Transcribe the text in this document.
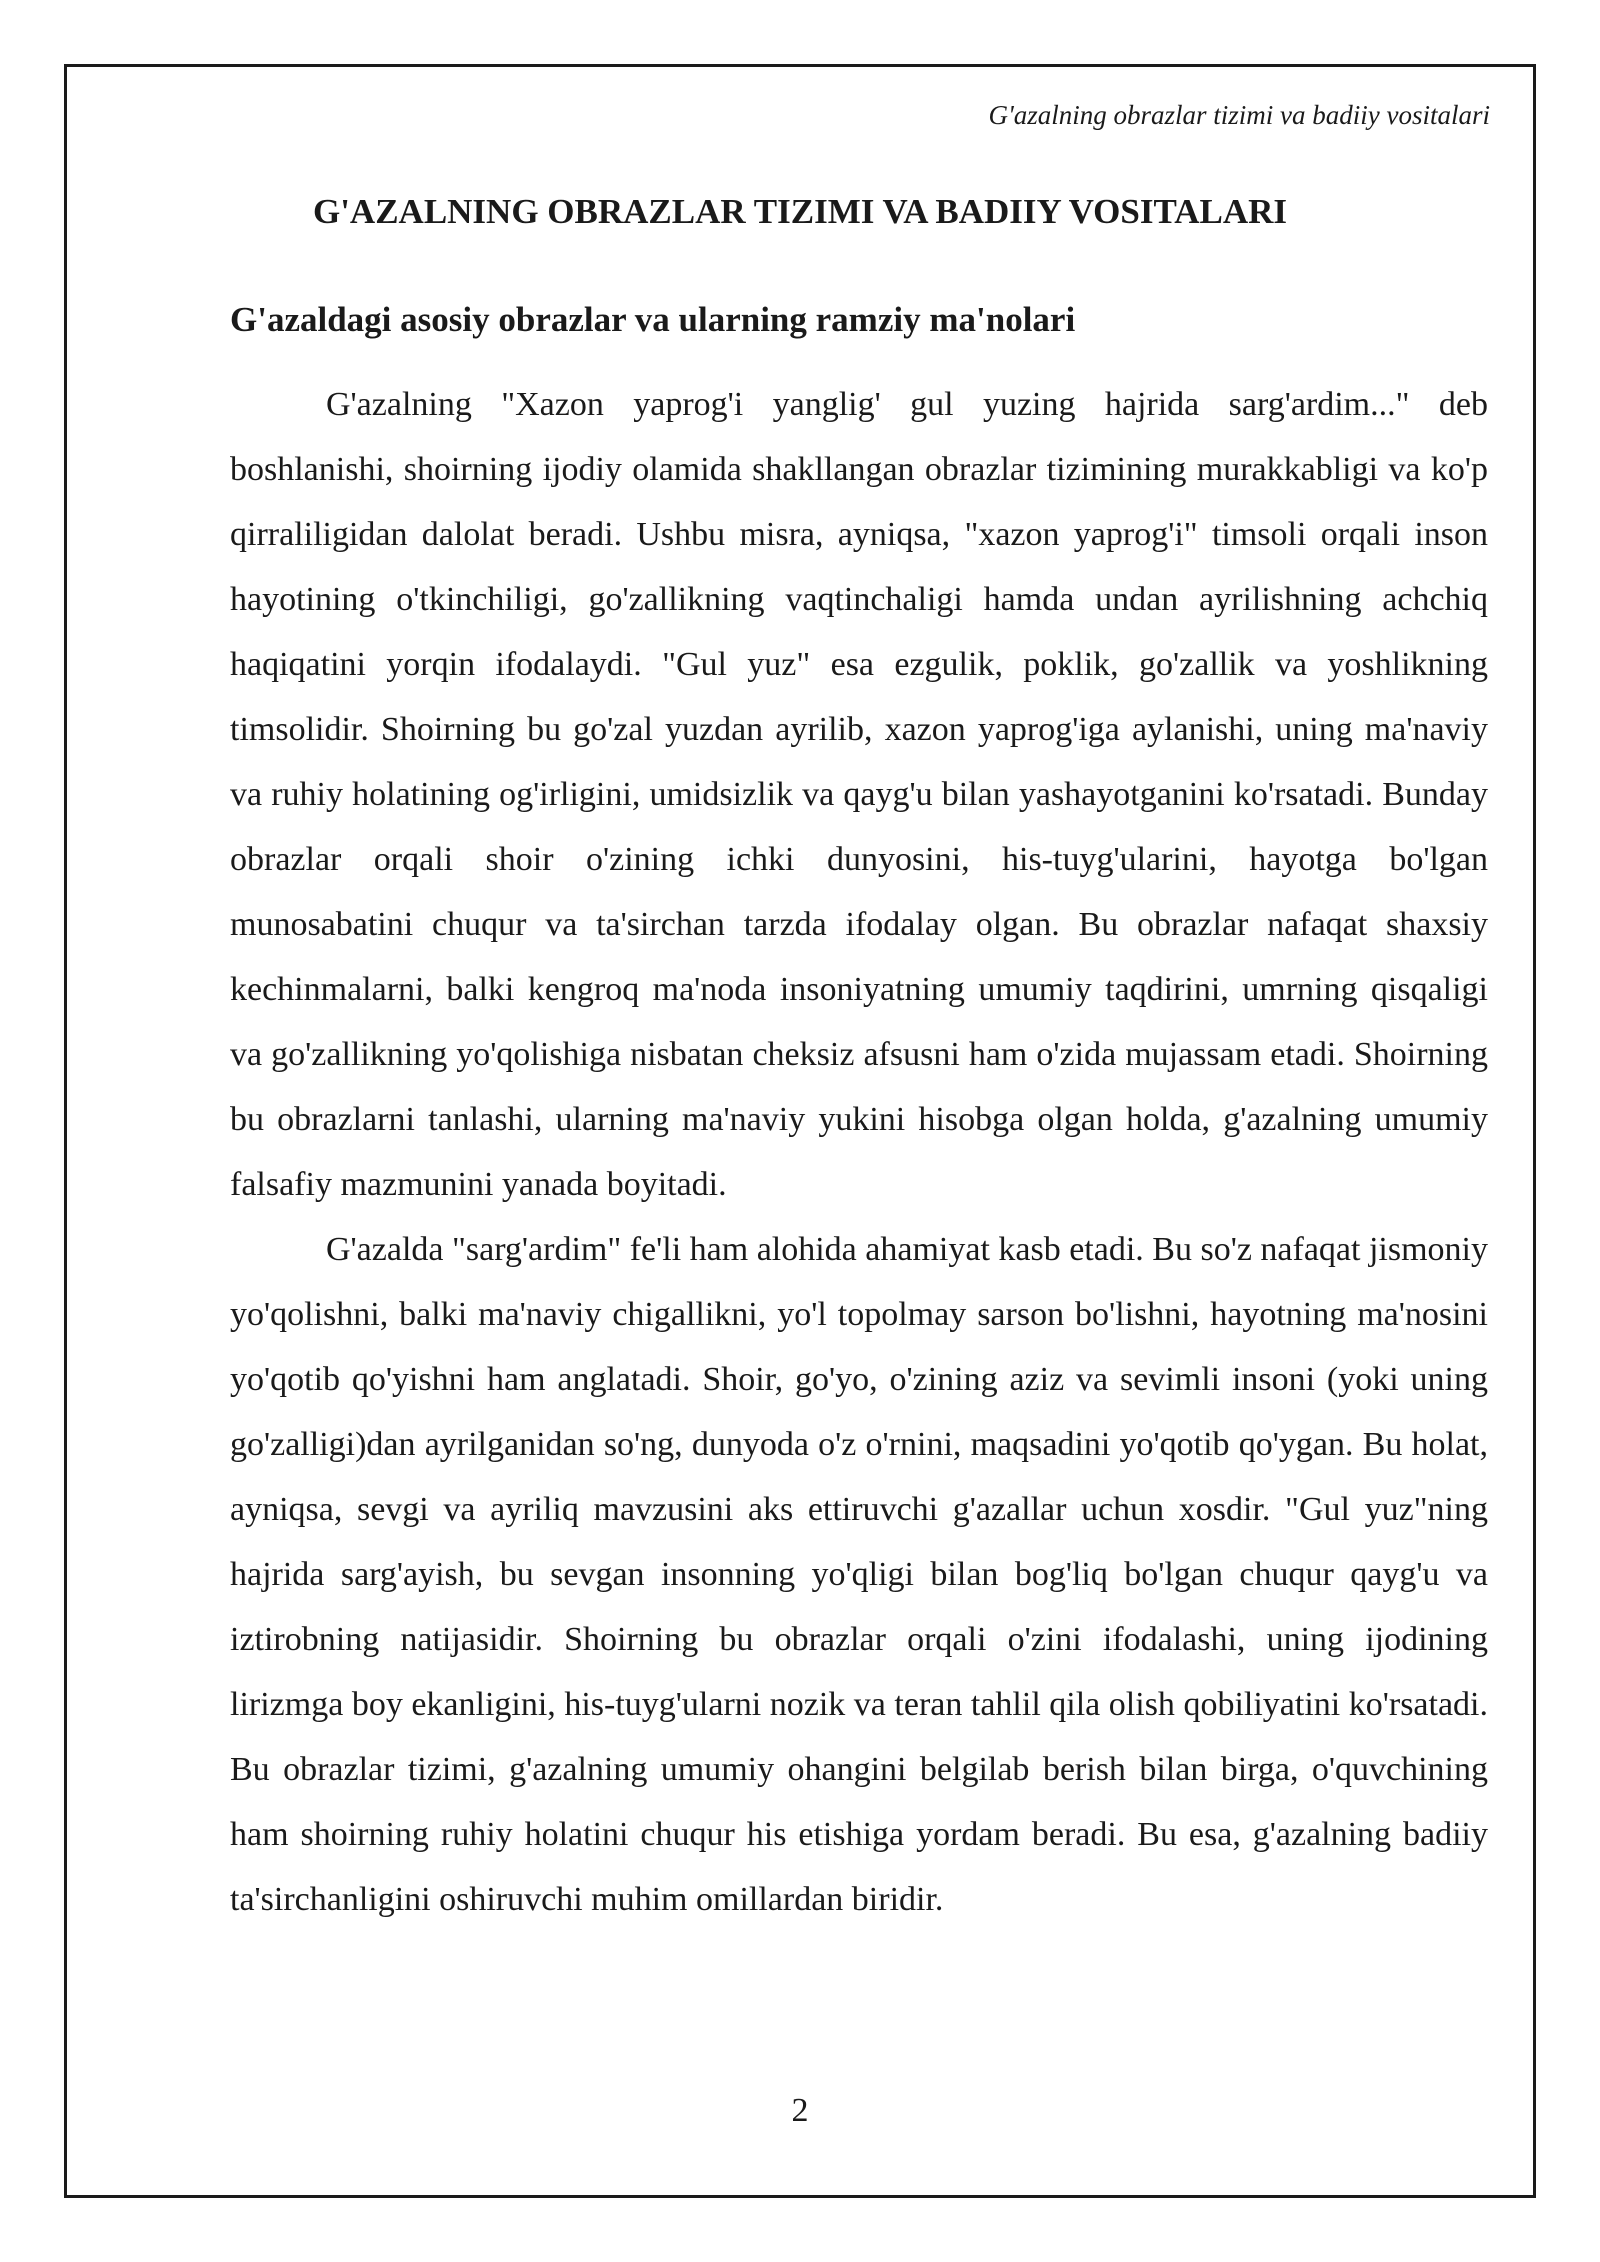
G'azalning obrazlar tizimi va badiiy vositalari
G'AZALNING OBRAZLAR TIZIMI VA BADIIY VOSITALARI
G'azaldagi asosiy obrazlar va ularning ramziy ma'nolari

G'azalning "Xazon yaprog'i yanglig' gul yuzing hajrida sarg'ardim..." deb boshlanishi, shoirning ijodiy olamida shakllangan obrazlar tizimining murakkabligi va ko'p qirraliligidan dalolat beradi. Ushbu misra, ayniqsa, "xazon yaprog'i" timsoli orqali inson hayotining o'tkinchiligi, go'zallikning vaqtinchaligi hamda undan ayrilishning achchiq haqiqatini yorqin ifodalaydi. "Gul yuz" esa ezgulik, poklik, go'zallik va yoshlikning timsolidir. Shoirning bu go'zal yuzdan ayrilib, xazon yaprog'iga aylanishi, uning ma'naviy va ruhiy holatining og'irligini, umidsizlik va qayg'u bilan yashayotganini ko'rsatadi. Bunday obrazlar orqali shoir o'zining ichki dunyosini, his-tuyg'ularini, hayotga bo'lgan munosabatini chuqur va ta'sirchan tarzda ifodalay olgan. Bu obrazlar nafaqat shaxsiy kechinmalarni, balki kengroq ma'noda insoniyatning umumiy taqdirini, umrning qisqaligi va go'zallikning yo'qolishiga nisbatan cheksiz afsusni ham o'zida mujassam etadi. Shoirning bu obrazlarni tanlashi, ularning ma'naviy yukini hisobga olgan holda, g'azalning umumiy falsafiy mazmunini yanada boyitadi.

G'azalda "sarg'ardim" fe'li ham alohida ahamiyat kasb etadi. Bu so'z nafaqat jismoniy yo'qolishni, balki ma'naviy chigallikni, yo'l topolmay sarson bo'lishni, hayotning ma'nosini yo'qotib qo'yishni ham anglatadi. Shoir, go'yo, o'zining aziz va sevimli insoni (yoki uning go'zalligi)dan ayrilganidan so'ng, dunyoda o'z o'rnini, maqsadini yo'qotib qo'ygan. Bu holat, ayniqsa, sevgi va ayriliq mavzusini aks ettiruvchi g'azallar uchun xosdir. "Gul yuz"ning hajrida sarg'ayish, bu sevgan insonning yo'qligi bilan bog'liq bo'lgan chuqur qayg'u va iztirobning natijasidir. Shoirning bu obrazlar orqali o'zini ifodalashi, uning ijodining lirizmga boy ekanligini, his-tuyg'ularni nozik va teran tahlil qila olish qobiliyatini ko'rsatadi. Bu obrazlar tizimi, g'azalning umumiy ohangini belgilab berish bilan birga, o'quvchining ham shoirning ruhiy holatini chuqur his etishiga yordam beradi. Bu esa, g'azalning badiiy ta'sirchanligini oshiruvchi muhim omillardan biridir.

2
